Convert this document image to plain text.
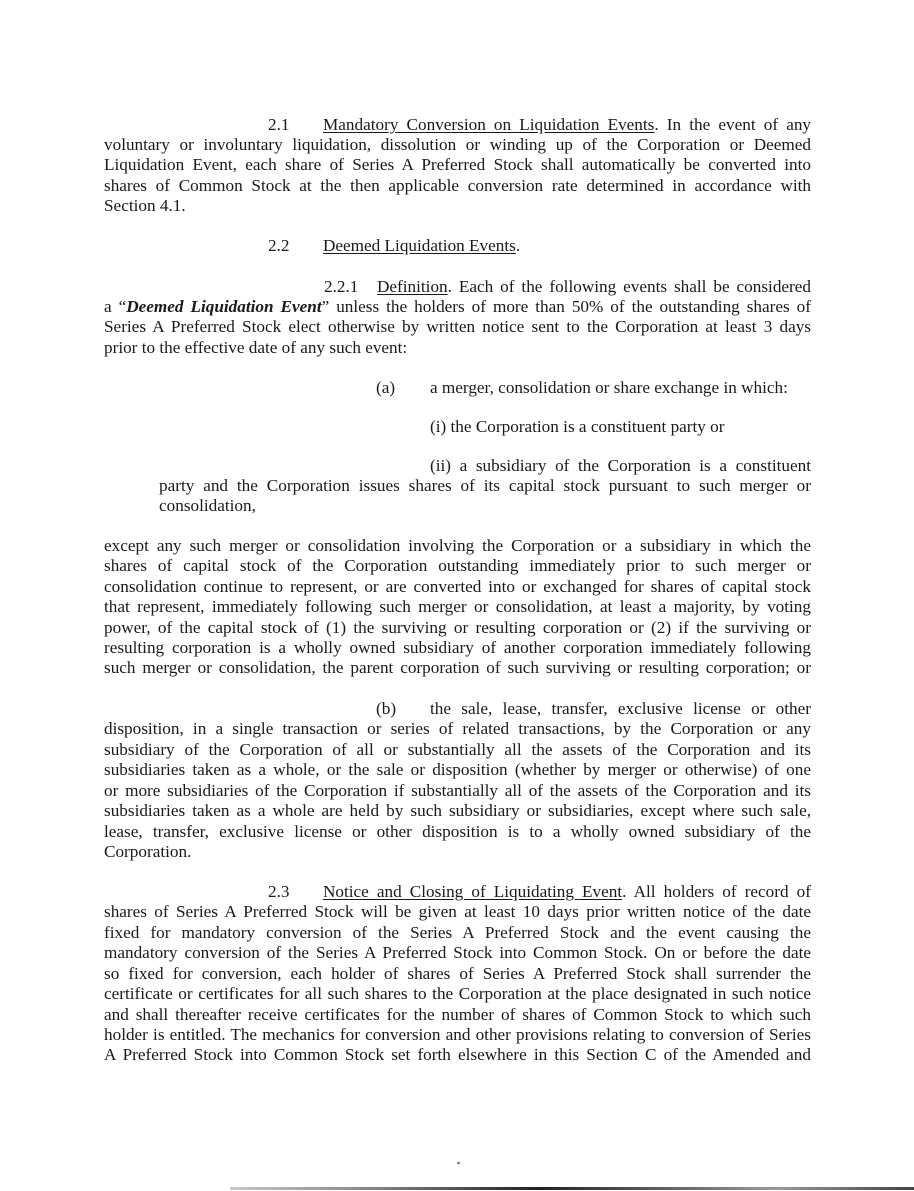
2.1 Mandatory Conversion on Liquidation Events. In the event of any
voluntary or involuntary liquidation, dissolution or winding up of the Corporation or Deemed
Liquidation Event, each share of Series A Preferred Stock shall automatically be converted into
shares of Common Stock at the then applicable conversion rate determined in accordance with
Section 4.1.
2.2 Deemed Liquidation Events.
2.2.1 Definition. Each of the following events shall be considered
a “Deemed Liquidation Event” unless the holders of more than 50% of the outstanding shares of
Series A Preferred Stock elect otherwise by written notice sent to the Corporation at least 3 days
prior to the effective date of any such event:
(a) a merger, consolidation or share exchange in which:
(i) the Corporation is a constituent party or
(ii) a subsidiary of the Corporation is a constituent
party and the Corporation issues shares of its capital stock pursuant to such merger or
consolidation,
except any such merger or consolidation involving the Corporation or a subsidiary in which the
shares of capital stock of the Corporation outstanding immediately prior to such merger or
consolidation continue to represent, or are converted into or exchanged for shares of capital stock
that represent, immediately following such merger or consolidation, at least a majority, by voting
power, of the capital stock of (1) the surviving or resulting corporation or (2) if the surviving or
resulting corporation is a wholly owned subsidiary of another corporation immediately following
such merger or consolidation, the parent corporation of such surviving or resulting corporation; or
(b) the sale, lease, transfer, exclusive license or other
disposition, in a single transaction or series of related transactions, by the Corporation or any
subsidiary of the Corporation of all or substantially all the assets of the Corporation and its
subsidiaries taken as a whole, or the sale or disposition (whether by merger or otherwise) of one
or more subsidiaries of the Corporation if substantially all of the assets of the Corporation and its
subsidiaries taken as a whole are held by such subsidiary or subsidiaries, except where such sale,
lease, transfer, exclusive license or other disposition is to a wholly owned subsidiary of the
Corporation.
2.3 Notice and Closing of Liquidating Event. All holders of record of
shares of Series A Preferred Stock will be given at least 10 days prior written notice of the date
fixed for mandatory conversion of the Series A Preferred Stock and the event causing the
mandatory conversion of the Series A Preferred Stock into Common Stock. On or before the date
so fixed for conversion, each holder of shares of Series A Preferred Stock shall surrender the
certificate or certificates for all such shares to the Corporation at the place designated in such notice
and shall thereafter receive certificates for the number of shares of Common Stock to which such
holder is entitled. The mechanics for conversion and other provisions relating to conversion of Series
A Preferred Stock into Common Stock set forth elsewhere in this Section C of the Amended and
